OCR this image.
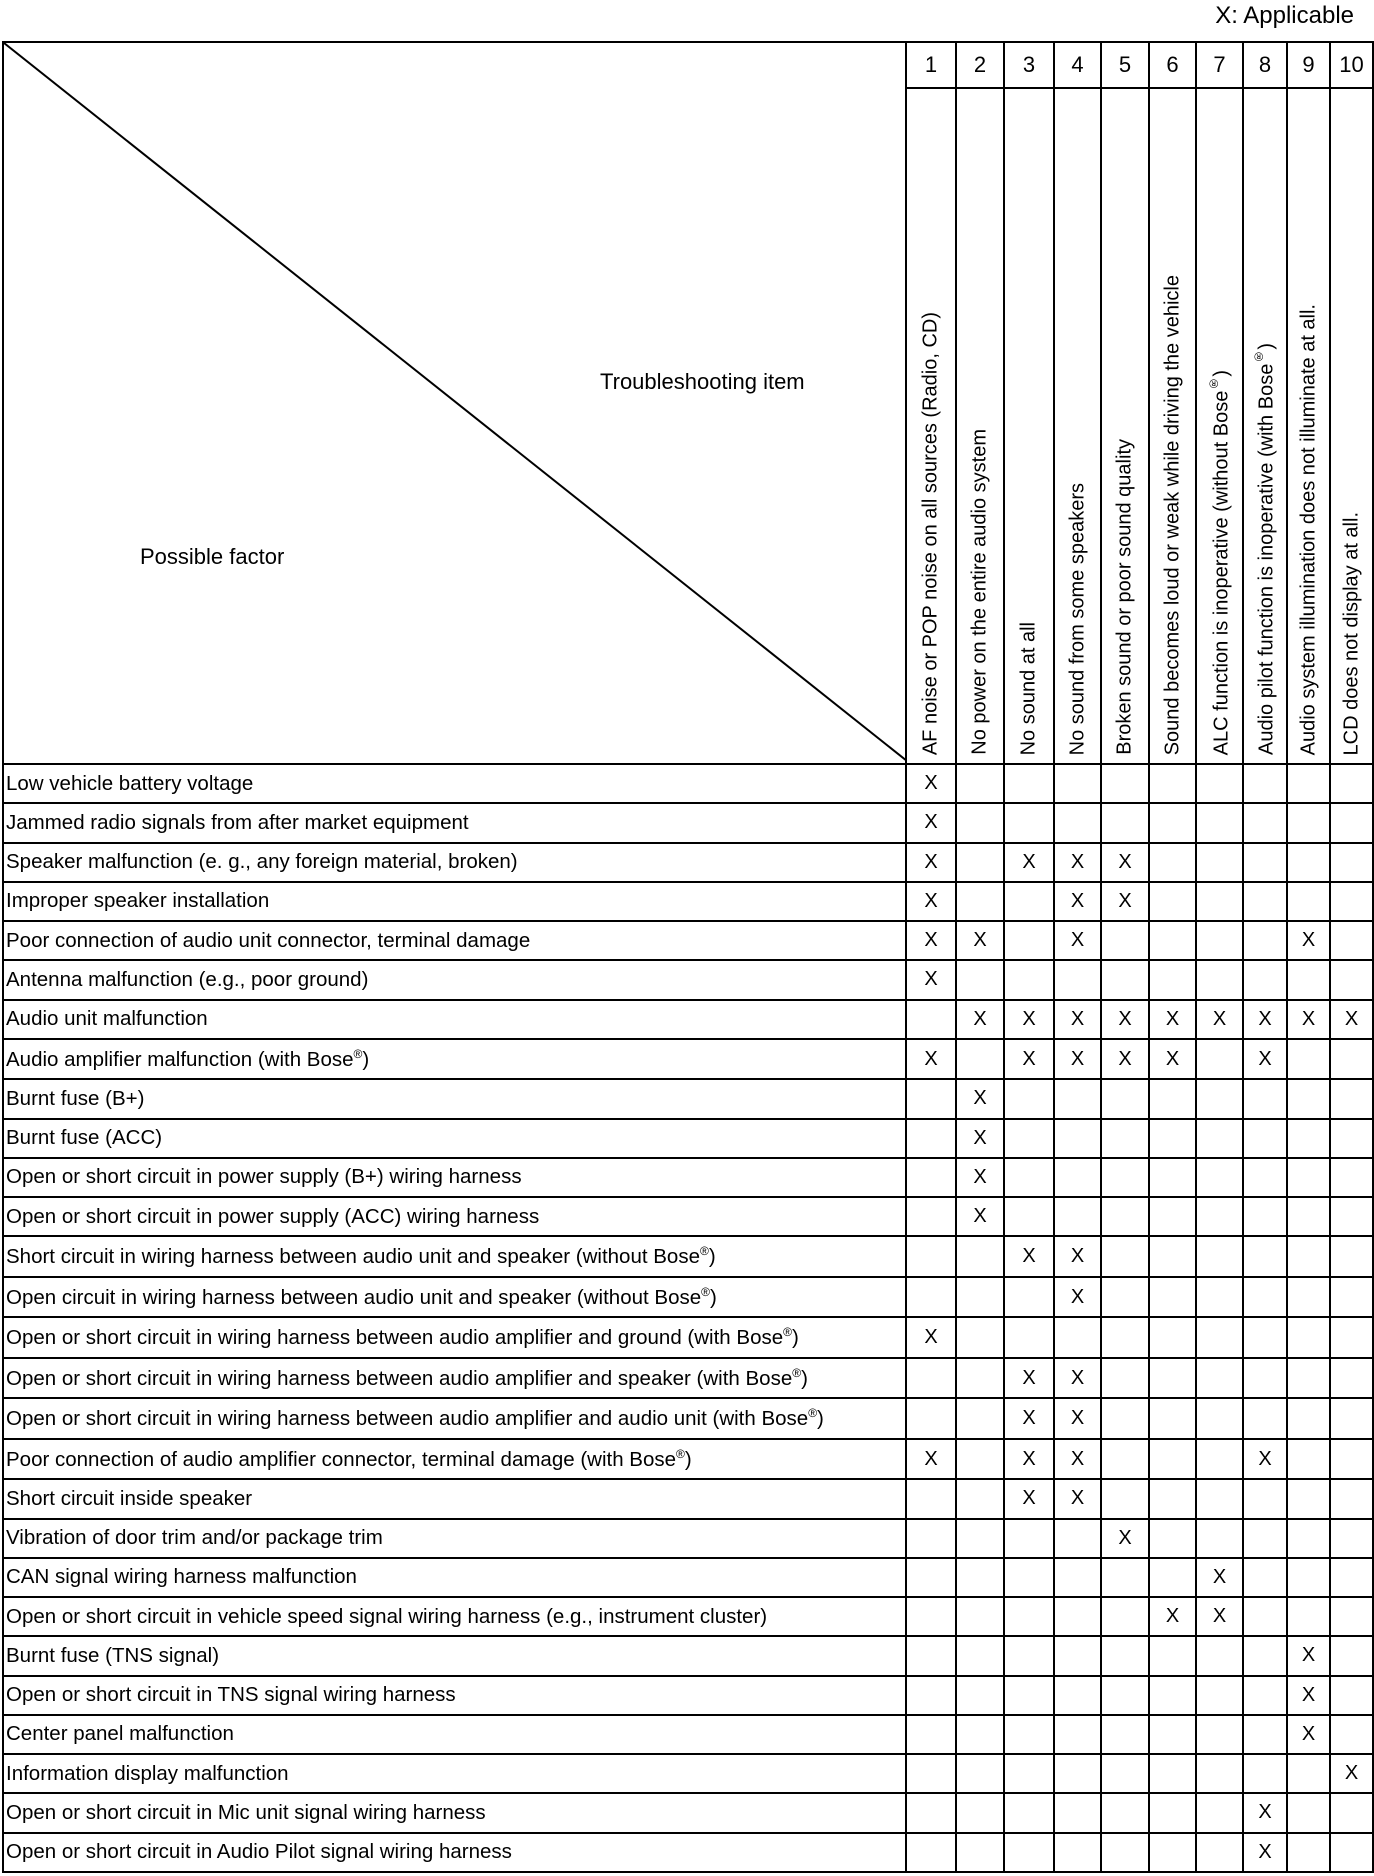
X: Applicable
Troubleshooting item
Possible factor	1	2	3	4	5	6	7	8	9	10

	AF noise or POP noise on all sources (Radio, CD)	No power on the entire audio system	No sound at all	No sound from some speakers	Broken sound or poor sound quality	Sound becomes loud or weak while driving the vehicle	ALC function is inoperative (without Bose®)	Audio pilot function is inoperative (with Bose®)	Audio system illumination does not illuminate at all.	LCD does not display at all.

Low vehicle battery voltage	X									
Jammed radio signals from after market equipment	X									
Speaker malfunction (e. g., any foreign material, broken)	X		X	X	X					
Improper speaker installation	X			X	X					
Poor connection of audio unit connector, terminal damage	X	X		X					X	
Antenna malfunction (e.g., poor ground)	X									
Audio unit malfunction		X	X	X	X	X	X	X	X	X
Audio amplifier malfunction (with Bose®)	X		X	X	X	X		X		
Burnt fuse (B+)		X								
Burnt fuse (ACC)		X								
Open or short circuit in power supply (B+) wiring harness		X								
Open or short circuit in power supply (ACC) wiring harness		X								
Short circuit in wiring harness between audio unit and speaker (without Bose®)			X	X						
Open circuit in wiring harness between audio unit and speaker (without Bose®)				X						
Open or short circuit in wiring harness between audio amplifier and ground (with Bose®)	X									
Open or short circuit in wiring harness between audio amplifier and speaker (with Bose®)			X	X						
Open or short circuit in wiring harness between audio amplifier and audio unit (with Bose®)			X	X						
Poor connection of audio amplifier connector, terminal damage (with Bose®)	X		X	X				X		
Short circuit inside speaker			X	X						
Vibration of door trim and/or package trim					X					
CAN signal wiring harness malfunction							X			
Open or short circuit in vehicle speed signal wiring harness (e.g., instrument cluster)						X	X			
Burnt fuse (TNS signal)									X	
Open or short circuit in TNS signal wiring harness									X	
Center panel malfunction									X	
Information display malfunction										X
Open or short circuit in Mic unit signal wiring harness								X		
Open or short circuit in Audio Pilot signal wiring harness								X		
